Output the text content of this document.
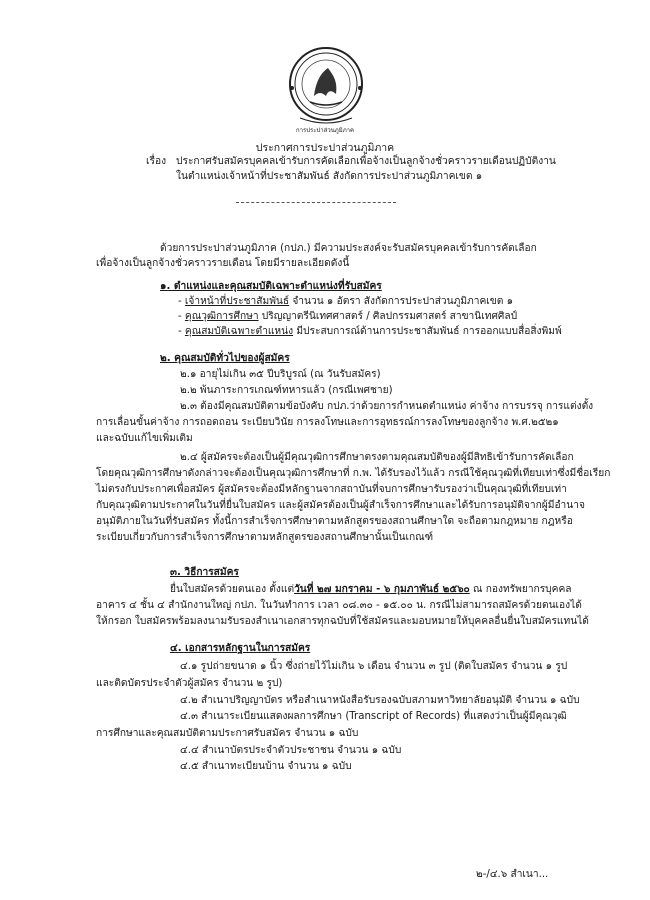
การประปาส่วนภูมิภาค
ประกาศการประปาส่วนภูมิภาค
เรื่อง ประกาศรับสมัครบุคคลเข้ารับการคัดเลือกเพื่อจ้างเป็นลูกจ้างชั่วคราวรายเดือนปฏิบัติงาน
ในตำแหน่งเจ้าหน้าที่ประชาสัมพันธ์ สังกัดการประปาส่วนภูมิภาคเขต ๑
ด้วยการประปาส่วนภูมิภาค (กปภ.) มีความประสงค์จะรับสมัครบุคคลเข้ารับการคัดเลือก
เพื่อจ้างเป็นลูกจ้างชั่วคราวรายเดือน โดยมีรายละเอียดดังนี้
๑. ตำแหน่งและคุณสมบัติเฉพาะตำแหน่งที่รับสมัคร
- เจ้าหน้าที่ประชาสัมพันธ์ จำนวน ๑ อัตรา สังกัดการประปาส่วนภูมิภาคเขต ๑
- คุณวุฒิการศึกษา ปริญญาตรีนิเทศศาสตร์ / ศิลปกรรมศาสตร์ สาขานิเทศศิลป์
- คุณสมบัติเฉพาะตำแหน่ง มีประสบการณ์ด้านการประชาสัมพันธ์ การออกแบบสื่อสิ่งพิมพ์
๒. คุณสมบัติทั่วไปของผู้สมัคร
๒.๑ อายุไม่เกิน ๓๕ ปีบริบูรณ์ (ณ วันรับสมัคร)
๒.๒ พ้นภาระการเกณฑ์ทหารแล้ว (กรณีเพศชาย)
๒.๓ ต้องมีคุณสมบัติตามข้อบังคับ กปภ.ว่าด้วยการกำหนดตำแหน่ง ค่าจ้าง การบรรจุ การแต่งตั้ง
การเลื่อนขั้นค่าจ้าง การถอดถอน ระเบียบวินัย การลงโทษและการอุทธรณ์การลงโทษของลูกจ้าง พ.ศ.๒๕๒๑
และฉบับแก้ไขเพิ่มเติม
๒.๔ ผู้สมัครจะต้องเป็นผู้มีคุณวุฒิการศึกษาตรงตามคุณสมบัติของผู้มีสิทธิเข้ารับการคัดเลือก
โดยคุณวุฒิการศึกษาดังกล่าวจะต้องเป็นคุณวุฒิการศึกษาที่ ก.พ. ได้รับรองไว้แล้ว กรณีใช้คุณวุฒิที่เทียบเท่าซึ่งมีชื่อเรียก
ไม่ตรงกับประกาศเพื่อสมัคร ผู้สมัครจะต้องมีหลักฐานจากสถาบันที่จบการศึกษารับรองว่าเป็นคุณวุฒิที่เทียบเท่า
กับคุณวุฒิตามประกาศในวันที่ยื่นใบสมัคร และผู้สมัครต้องเป็นผู้สำเร็จการศึกษาและได้รับการอนุมัติจากผู้มีอำนาจ
อนุมัติภายในวันที่รับสมัคร ทั้งนี้การสำเร็จการศึกษาตามหลักสูตรของสถานศึกษาใด จะถือตามกฎหมาย กฎหรือ
ระเบียบเกี่ยวกับการสำเร็จการศึกษาตามหลักสูตรของสถานศึกษานั้นเป็นเกณฑ์
๓. วิธีการสมัคร
ยื่นใบสมัครด้วยตนเอง ตั้งแต่วันที่ ๒๗ มกราคม - ๖ กุมภาพันธ์ ๒๕๖๐ ณ กองทรัพยากรบุคคล
อาคาร ๔ ชั้น ๔ สำนักงานใหญ่ กปภ. ในวันทำการ เวลา ๐๘.๓๐ - ๑๕.๐๐ น. กรณีไม่สามารถสมัครด้วยตนเองได้
ให้กรอก ใบสมัครพร้อมลงนามรับรองสำเนาเอกสารทุกฉบับที่ใช้สมัครและมอบหมายให้บุคคลอื่นยื่นใบสมัครแทนได้
๔. เอกสารหลักฐานในการสมัคร
๔.๑ รูปถ่ายขนาด ๑ นิ้ว ซึ่งถ่ายไว้ไม่เกิน ๖ เดือน จำนวน ๓ รูป (ติดใบสมัคร จำนวน ๑ รูป
และติดบัตรประจำตัวผู้สมัคร จำนวน ๒ รูป)
๔.๒ สำเนาปริญญาบัตร หรือสำเนาหนังสือรับรองฉบับสภามหาวิทยาลัยอนุมัติ จำนวน ๑ ฉบับ
๔.๓ สำเนาระเบียนแสดงผลการศึกษา (Transcript of Records) ที่แสดงว่าเป็นผู้มีคุณวุฒิ
การศึกษาและคุณสมบัติตามประกาศรับสมัคร จำนวน ๑ ฉบับ
๔.๔ สำเนาบัตรประจำตัวประชาชน จำนวน ๑ ฉบับ
๔.๕ สำเนาทะเบียนบ้าน จำนวน ๑ ฉบับ
๒-/๔.๖ สำเนา...
